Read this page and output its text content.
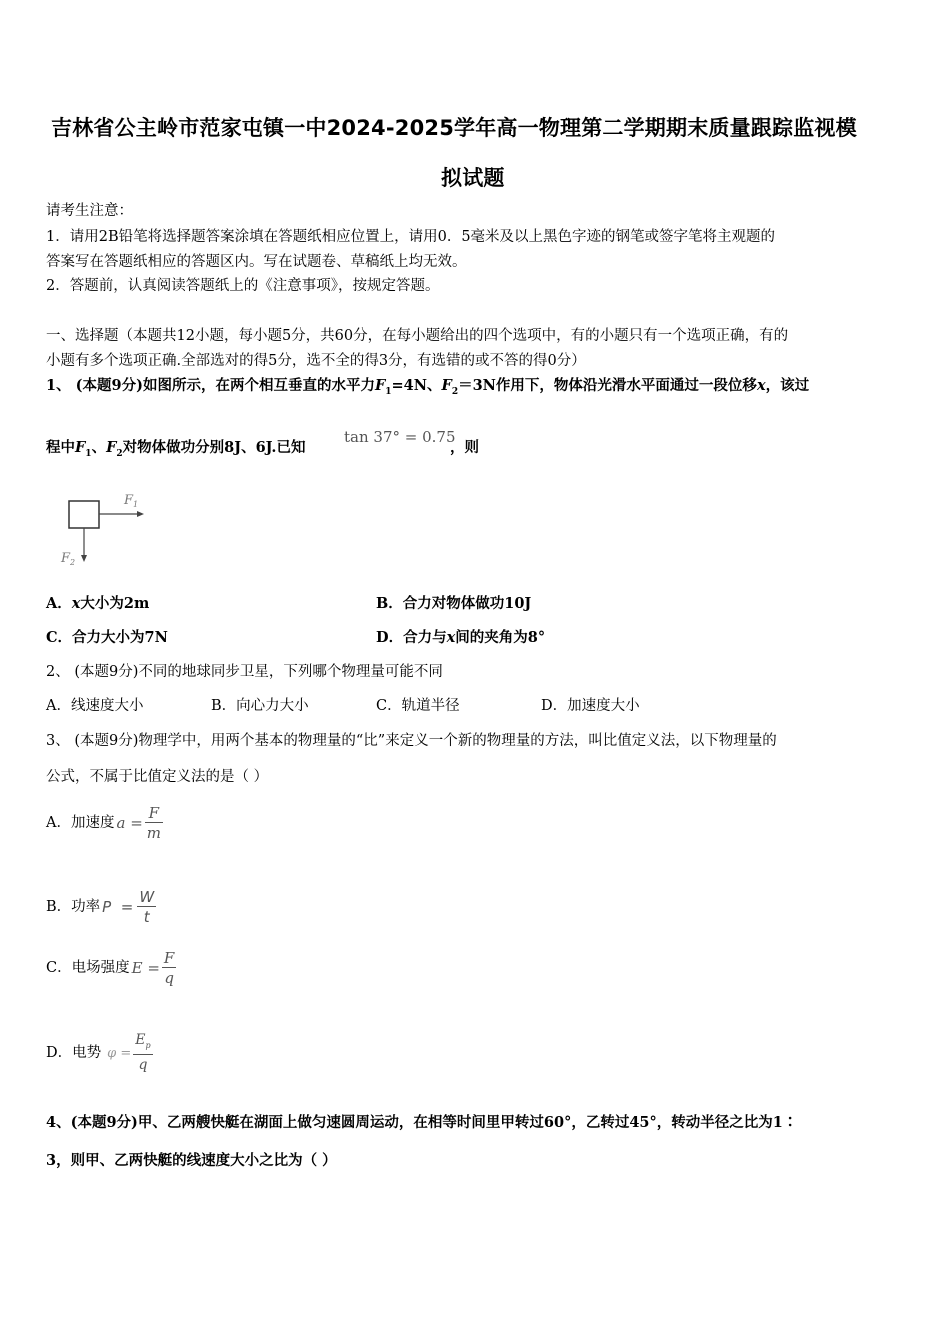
吉林省公主岭市范家屯镇一中2024-2025学年高一物理第二学期期末质量跟踪监视模
拟试题
请考生注意：
1．请用2B铅笔将选择题答案涂填在答题纸相应位置上，请用0．5毫米及以上黑色字迹的钢笔或签字笔将主观题的
答案写在答题纸相应的答题区内。写在试题卷、草稿纸上均无效。
2．答题前，认真阅读答题纸上的《注意事项》，按规定答题。
一、选择题（本题共12小题，每小题5分，共60分，在每小题给出的四个选项中，有的小题只有一个选项正确，有的
小题有多个选项正确.全部选对的得5分，选不全的得3分，有选错的或不答的得0分）
1、 (本题9分)如图所示，在两个相互垂直的水平力$F_1=4N$、$F_2=3N$作用下，物体沿光滑水平面通过一段位移x，该过
程中$F_1$、$F_2$对物体做功分别8J、6J.已知
tan 37° = 0.75
，则
$F_1$
$F_2$
A．x大小为2m	B．合力对物体做功10J
C．合力大小为7N	D．合力与x间的夹角为8°
2、 (本题9分)不同的地球同步卫星，下列哪个物理量可能不同
A．线速度大小	B．向心力大小	C．轨道半径	D．加速度大小
3、 (本题9分)物理学中，用两个基本的物理量的“比”来定义一个新的物理量的方法，叫比值定义法，以下物理量的
公式，不属于比值定义法的是（ ）
A．加速度 $a = \frac{F}{m}$
B．功率 $P = \frac{W}{t}$
C．电场强度 $E = \frac{F}{q}$
D．电势 $\varphi = \frac{E_p}{q}$
4、(本题9分)甲、乙两艘快艇在湖面上做匀速圆周运动，在相等时间里甲转过60°，乙转过45°，转动半径之比为1∶
3，则甲、乙两快艇的线速度大小之比为（ ）
